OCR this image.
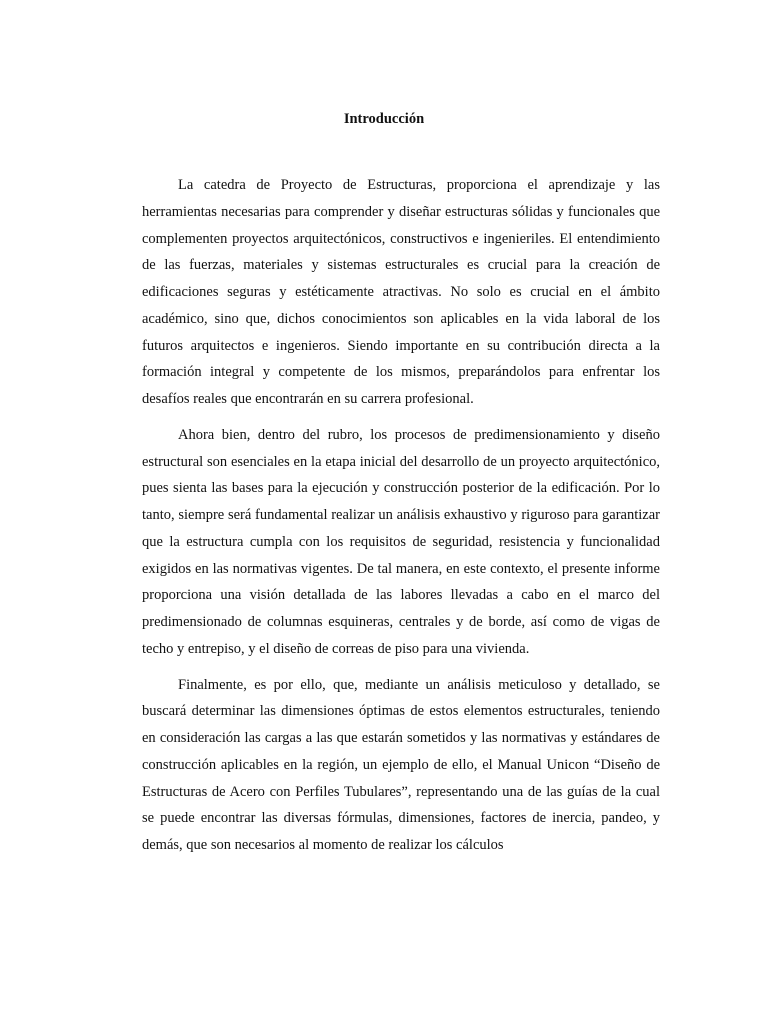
Introducción

La catedra de Proyecto de Estructuras, proporciona el aprendizaje y las herramientas necesarias para comprender y diseñar estructuras sólidas y funcionales que complementen proyectos arquitectónicos, constructivos e ingenieriles. El entendimiento de las fuerzas, materiales y sistemas estructurales es crucial para la creación de edificaciones seguras y estéticamente atractivas. No solo es crucial en el ámbito académico, sino que, dichos conocimientos son aplicables en la vida laboral de los futuros arquitectos e ingenieros. Siendo importante en su contribución directa a la formación integral y competente de los mismos, preparándolos para enfrentar los desafíos reales que encontrarán en su carrera profesional.

Ahora bien, dentro del rubro, los procesos de predimensionamiento y diseño estructural son esenciales en la etapa inicial del desarrollo de un proyecto arquitectónico, pues sienta las bases para la ejecución y construcción posterior de la edificación. Por lo tanto, siempre será fundamental realizar un análisis exhaustivo y riguroso para garantizar que la estructura cumpla con los requisitos de seguridad, resistencia y funcionalidad exigidos en las normativas vigentes. De tal manera, en este contexto, el presente informe proporciona una visión detallada de las labores llevadas a cabo en el marco del predimensionado de columnas esquineras, centrales y de borde, así como de vigas de techo y entrepiso, y el diseño de correas de piso para una vivienda.

Finalmente, es por ello, que, mediante un análisis meticuloso y detallado, se buscará determinar las dimensiones óptimas de estos elementos estructurales, teniendo en consideración las cargas a las que estarán sometidos y las normativas y estándares de construcción aplicables en la región, un ejemplo de ello, el Manual Unicon “Diseño de Estructuras de Acero con Perfiles Tubulares”, representando una de las guías de la cual se puede encontrar las diversas fórmulas, dimensiones, factores de inercia, pandeo, y demás, que son necesarios al momento de realizar los cálculos
